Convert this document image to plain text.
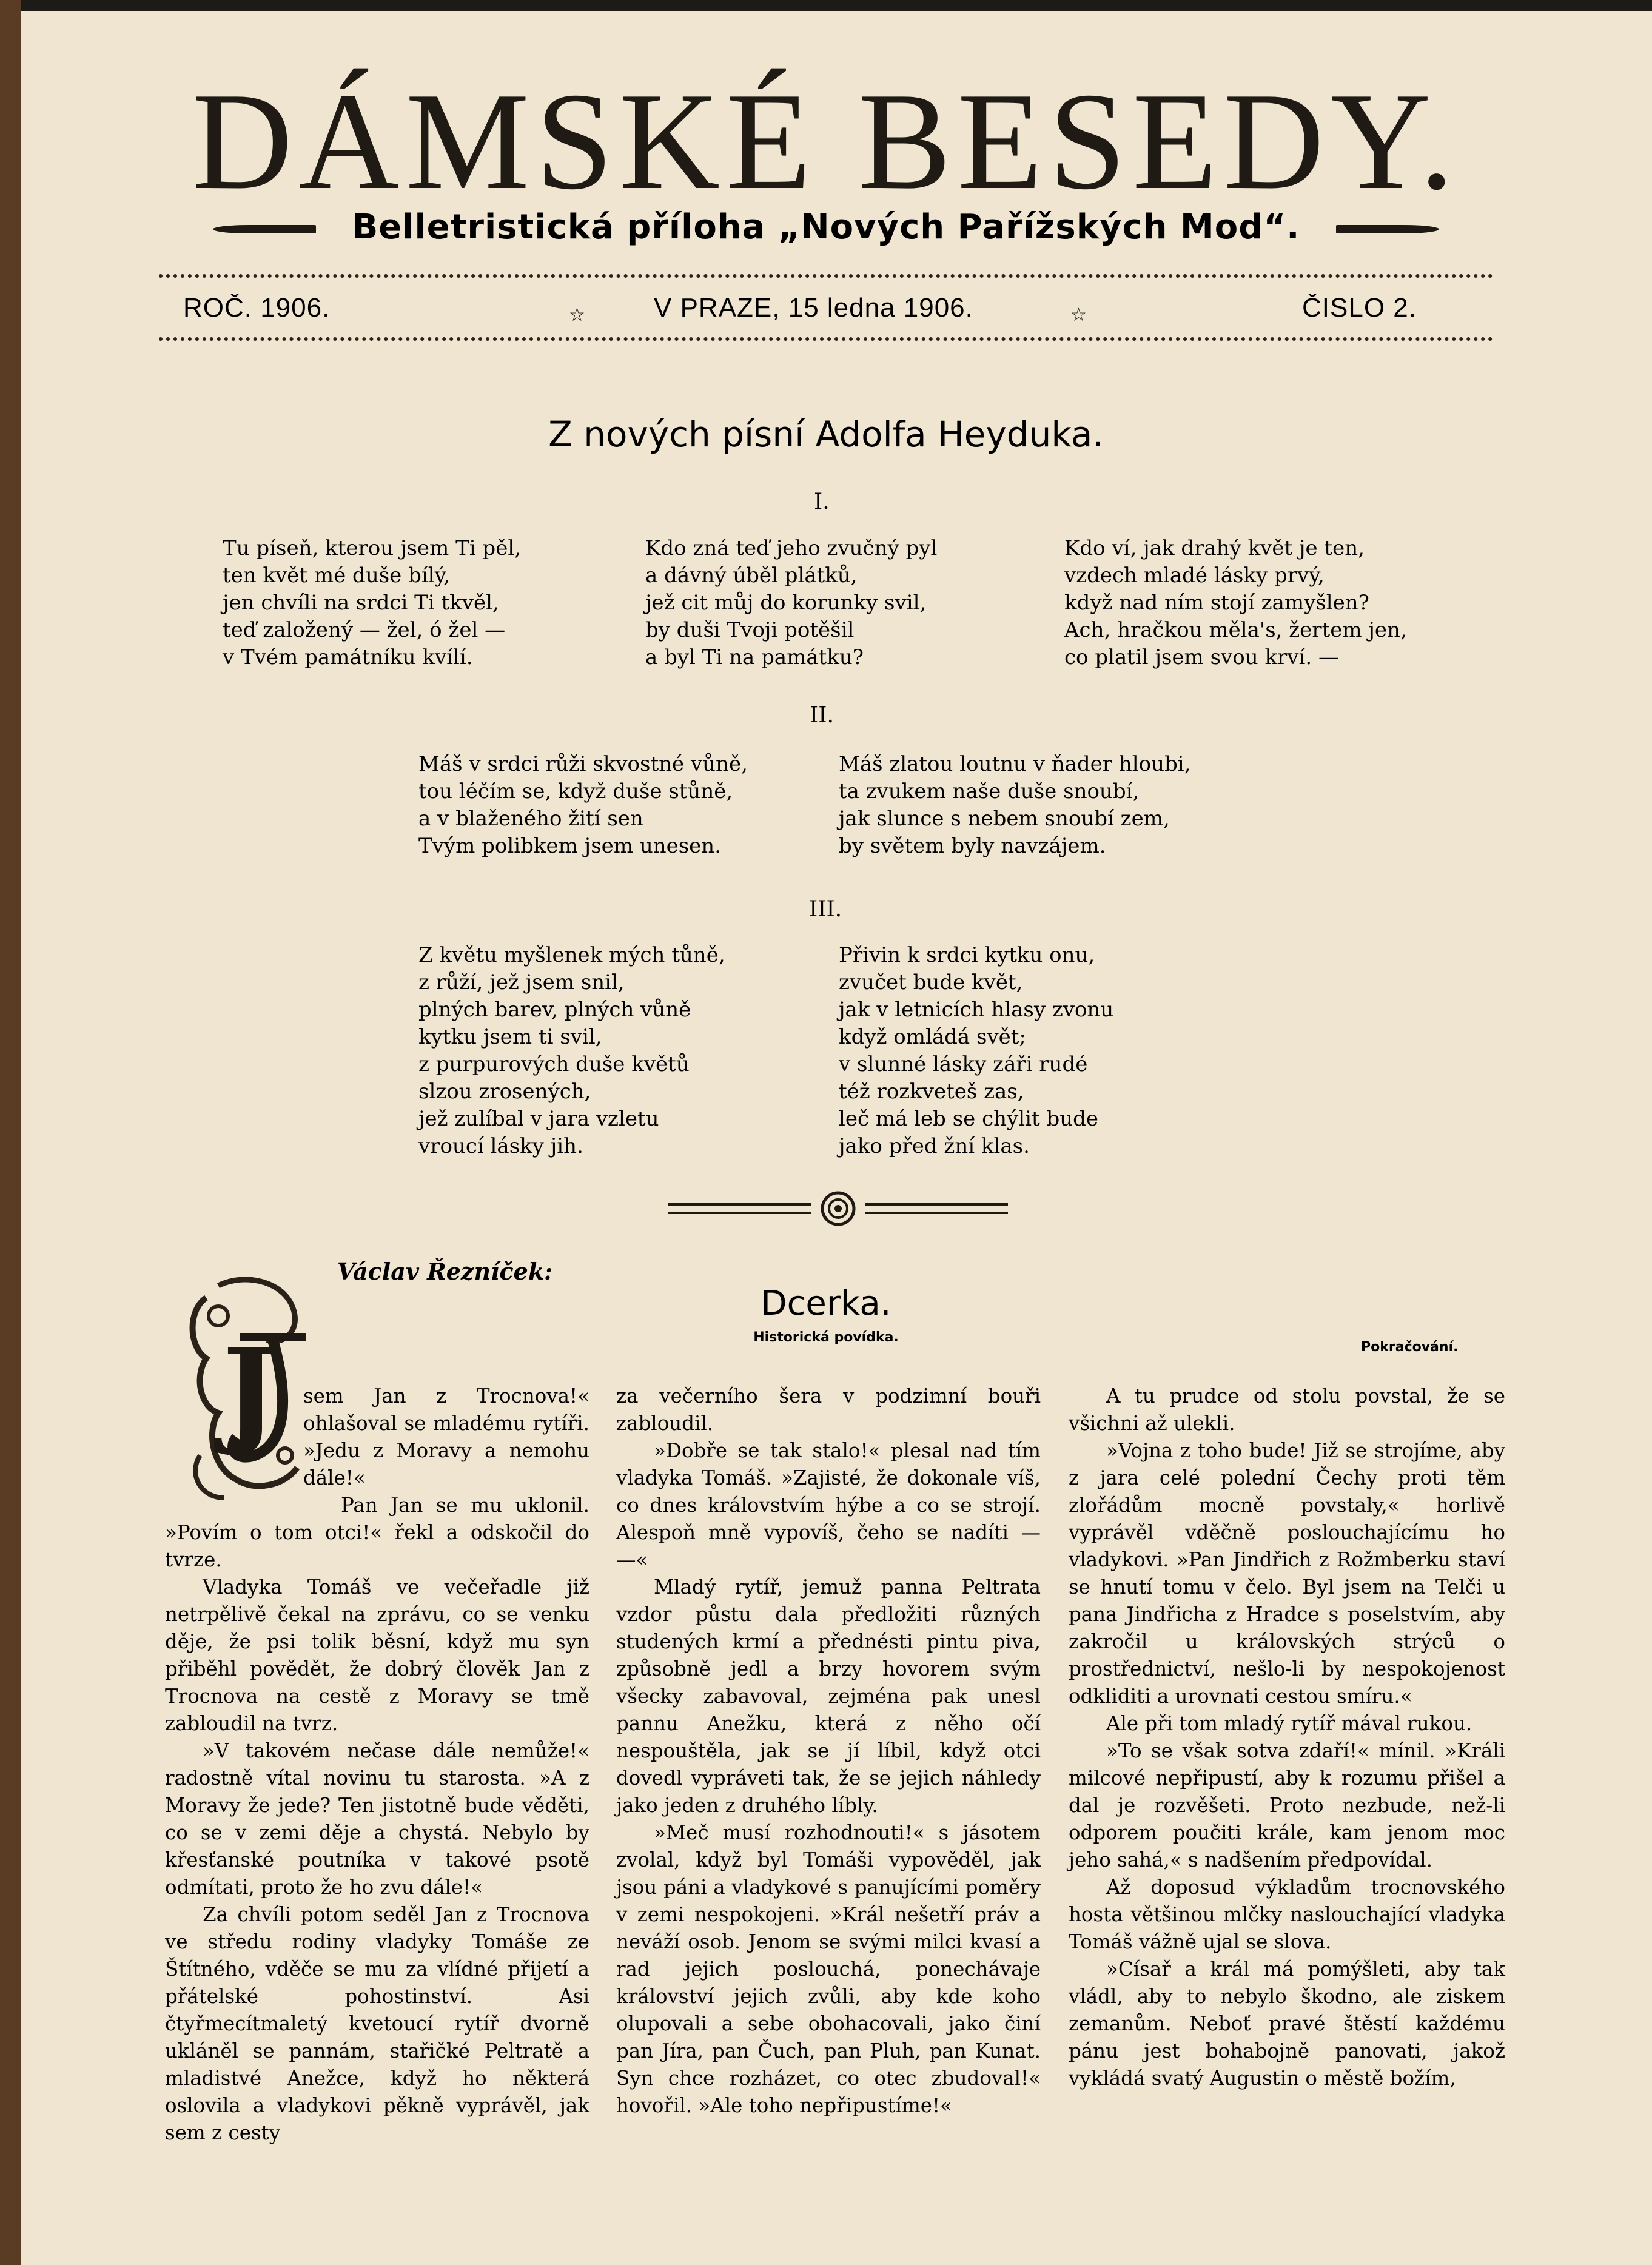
DÁMSKÉ BESEDY.
Belletristická příloha „Nových Pařížských Mod“.
ROČ. 1906.	☆	V PRAZE, 15 ledna 1906.	☆	ČISLO 2.
Z nových písní Adolfa Heyduka.
I.
Tu píseň, kterou jsem Ti pěl,
ten květ mé duše bílý,
jen chvíli na srdci Ti tkvěl,
teď založený — žel, ó žel —
v Tvém památníku kvílí.
Kdo zná teď jeho zvučný pyl
a dávný úběl plátků,
jež cit můj do korunky svil,
by duši Tvoji potěšil
a byl Ti na památku?
Kdo ví, jak drahý květ je ten,
vzdech mladé lásky prvý,
když nad ním stojí zamyšlen?
Ach, hračkou měla's, žertem jen,
co platil jsem svou krví. —
II.
Máš v srdci růži skvostné vůně,
tou léčím se, když duše stůně,
a v blaženého žití sen
Tvým polibkem jsem unesen.
Máš zlatou loutnu v ňader hloubi,
ta zvukem naše duše snoubí,
jak slunce s nebem snoubí zem,
by světem byly navzájem.
III.
Z květu myšlenek mých tůně,
z růží, jež jsem snil,
plných barev, plných vůně
kytku jsem ti svil,
z purpurových duše květů
slzou zrosených,
jež zulíbal v jara vzletu
vroucí lásky jih.
Přivin k srdci kytku onu,
zvučet bude květ,
jak v letnicích hlasy zvonu
když omládá svět;
v slunné lásky záři rudé
též rozkveteš zas,
leč má leb se chýlit bude
jako před žní klas.
Václav Řezníček:
Dcerka.
Historická povídka.
Pokračování.
J	sem Jan z Trocnova!« ohlašoval se mladému rytíři. »Jedu z Moravy a nemohu dále!«

Pan Jan se mu uklonil. »Povím o tom otci!« řekl a odskočil do tvrze.

Vladyka Tomáš ve večeřadle již netrpělivě čekal na zprávu, co se venku děje, že psi tolik běsní, když mu syn přiběhl povědět, že dobrý člověk Jan z Trocnova na cestě z Moravy se tmě zabloudil na tvrz.

»V takovém nečase dále nemůže!« radostně vítal novinu tu starosta. »A z Moravy že jede? Ten jistotně bude věděti, co se v zemi děje a chystá. Nebylo by křesťanské poutníka v takové psotě odmítati, proto že ho zvu dále!«

Za chvíli potom seděl Jan z Trocnova ve středu rodiny vladyky Tomáše ze Štítného, vděče se mu za vlídné přijetí a přátelské pohostinství. Asi čtyřmecítmaletý kvetoucí rytíř dvorně ukláněl se pannám, stařičké Peltratě a mladistvé Anežce, když ho některá oslovila a vladykovi pěkně vyprávěl, jak sem z cesty

za večerního šera v podzimní bouři zabloudil.

»Dobře se tak stalo!« plesal nad tím vladyka Tomáš. »Zajisté, že dokonale víš, co dnes královstvím hýbe a co se strojí. Alespoň mně vypovíš, čeho se nadíti — —«

Mladý rytíř, jemuž panna Peltrata vzdor půstu dala předložiti různých studených krmí a přednésti pintu piva, způsobně jedl a brzy hovorem svým všecky zabavoval, zejména pak unesl pannu Anežku, která z něho očí nespouštěla, jak se jí líbil, když otci dovedl vypráveti tak, že se jejich náhledy jako jeden z druhého líbly.

»Meč musí rozhodnouti!« s jásotem zvolal, když byl Tomáši vypověděl, jak jsou páni a vladykové s panujícími poměry v zemi nespokojeni. »Král nešetří práv a neváží osob. Jenom se svými milci kvasí a rad jejich poslouchá, ponechávaje království jejich zvůli, aby kde koho olupovali a sebe obohacovali, jako činí pan Jíra, pan Čuch, pan Pluh, pan Kunat. Syn chce rozházet, co otec zbudoval!« hovořil. »Ale toho nepřipustíme!«

A tu prudce od stolu povstal, že se všichni až ulekli.

»Vojna z toho bude! Již se strojíme, aby z jara celé polední Čechy proti těm zlořádům mocně povstaly,« horlivě vyprávěl vděčně poslouchajícímu ho vladykovi. »Pan Jindřich z Rožmberku staví se hnutí tomu v čelo. Byl jsem na Telči u pana Jindřicha z Hradce s poselstvím, aby zakročil u královských strýců o prostřednictví, nešlo-li by nespokojenost odkliditi a urovnati cestou smíru.«

Ale při tom mladý rytíř mával rukou.

»To se však sotva zdaří!« mínil. »Králi milcové nepřipustí, aby k rozumu přišel a dal je rozvěšeti. Proto nezbude, než-li odporem poučiti krále, kam jenom moc jeho sahá,« s nadšením předpovídal.

Až doposud výkladům trocnovského hosta většinou mlčky naslouchající vladyka Tomáš vážně ujal se slova.

»Císař a král má pomýšleti, aby tak vládl, aby to nebylo škodno, ale ziskem zemanům. Neboť pravé štěstí každému pánu jest bohabojně panovati, jakož vykládá svatý Augustin o městě božím,
